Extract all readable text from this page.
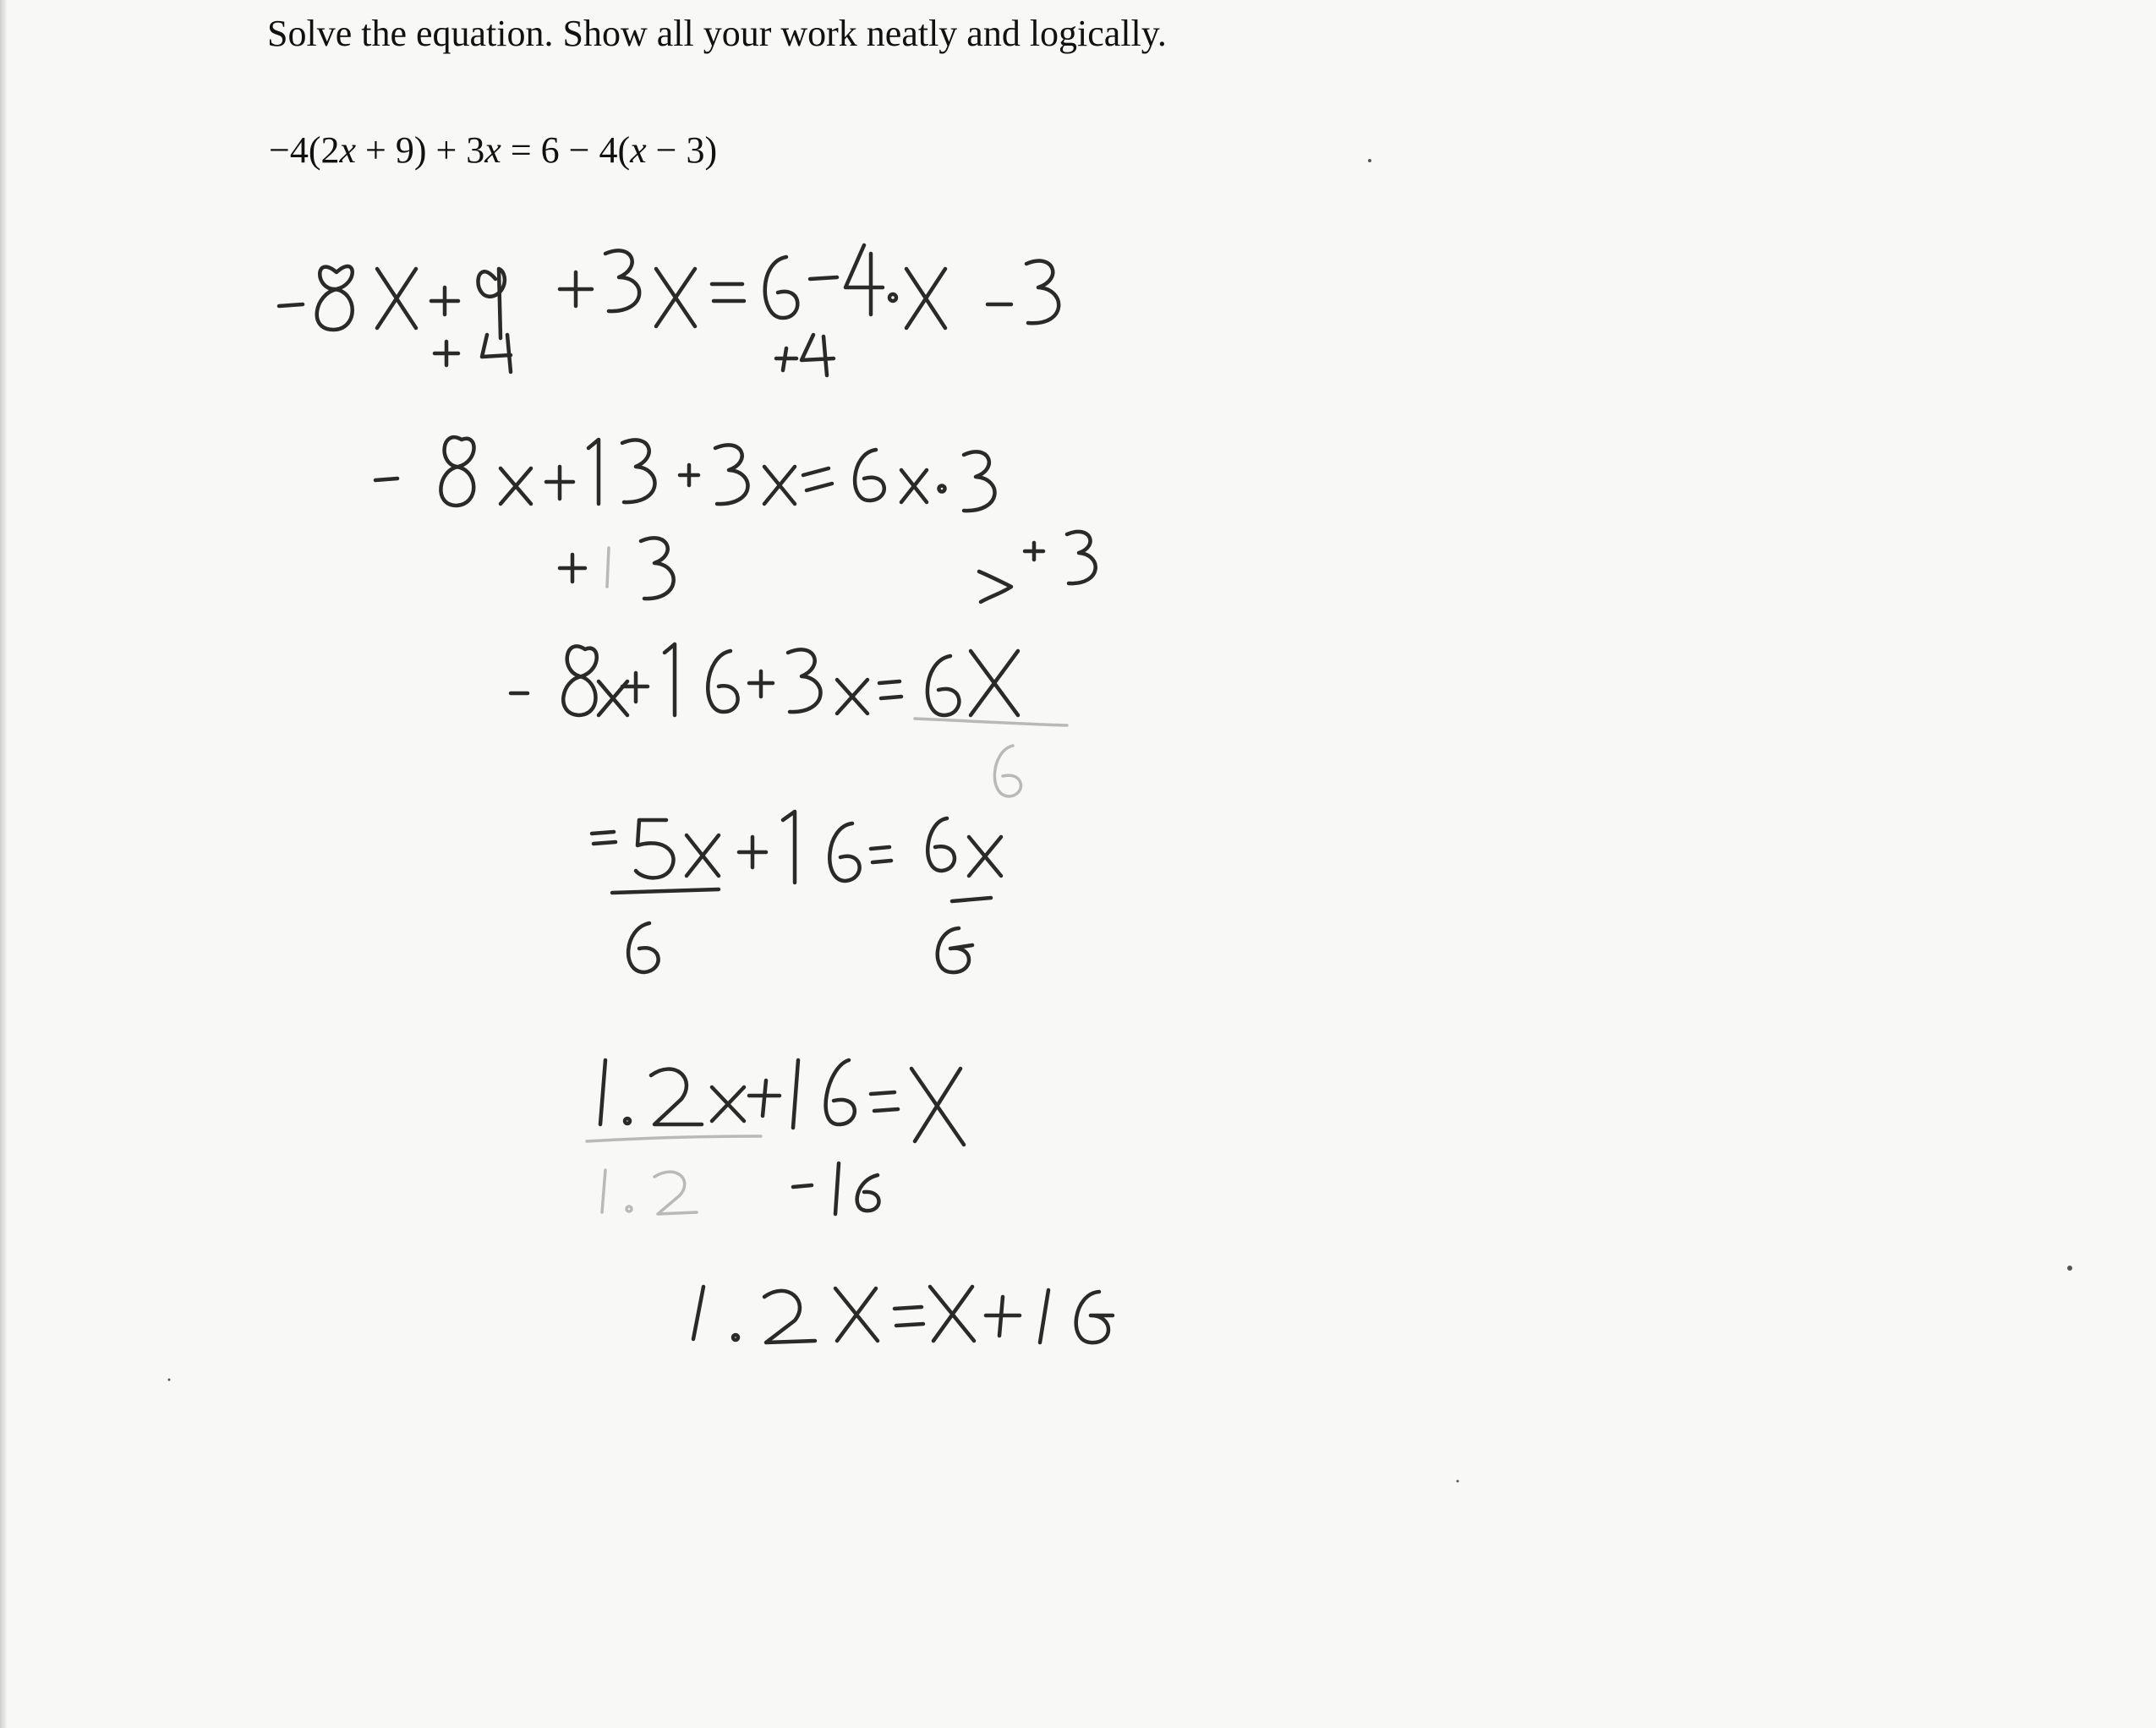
Solve the equation. Show all your work neatly and logically.
−4(2x + 9) + 3x = 6 − 4(x − 3)
